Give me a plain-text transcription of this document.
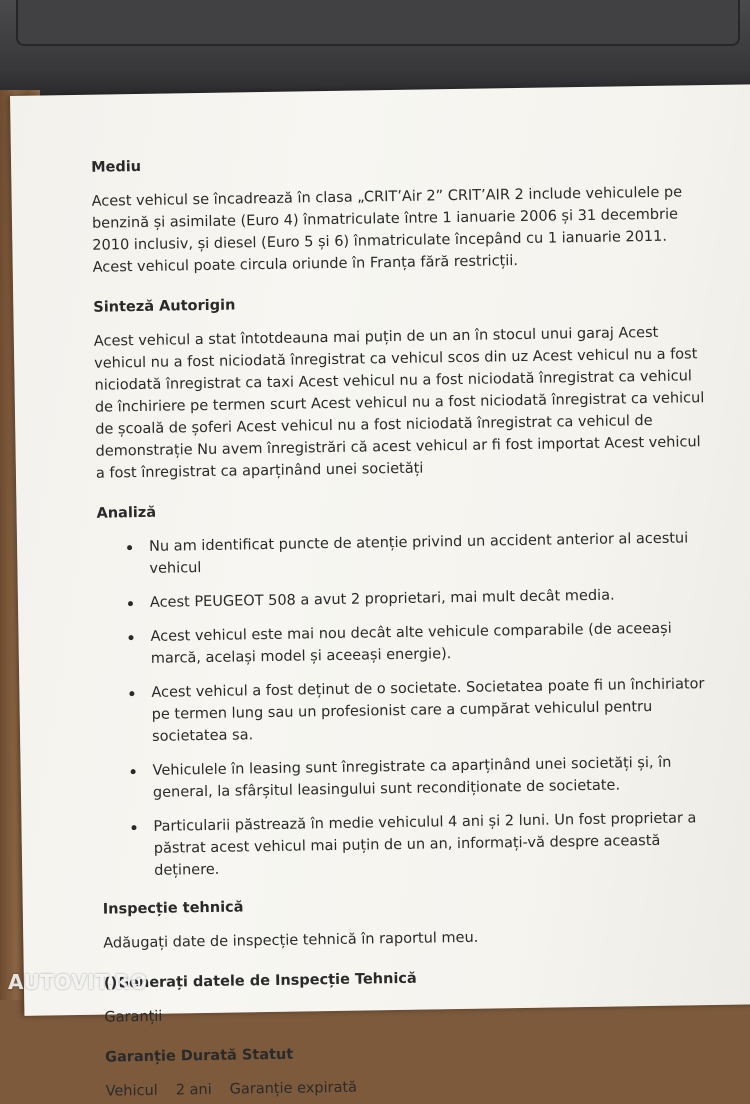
Mediu

Acest vehicul se încadrează în clasa „CRIT’Air 2” CRIT’AIR 2 include vehiculele pe benzină și asimilate (Euro 4) înmatriculate între 1 ianuarie 2006 și 31 decembrie 2010 inclusiv, și diesel (Euro 5 și 6) înmatriculate începând cu 1 ianuarie 2011. Acest vehicul poate circula oriunde în Franța fără restricții.

Sinteză Autorigin

Acest vehicul a stat întotdeauna mai puțin de un an în stocul unui garaj Acest vehicul nu a fost niciodată înregistrat ca vehicul scos din uz Acest vehicul nu a fost niciodată înregistrat ca taxi Acest vehicul nu a fost niciodată înregistrat ca vehicul de închiriere pe termen scurt Acest vehicul nu a fost niciodată înregistrat ca vehicul de școală de șoferi Acest vehicul nu a fost niciodată înregistrat ca vehicul de demonstrație Nu avem înregistrări că acest vehicul ar fi fost importat Acest vehicul a fost înregistrat ca aparținând unei societăți

Analiză
Nu am identificat puncte de atenție privind un accident anterior al acestui vehicul
Acest PEUGEOT 508 a avut 2 proprietari, mai mult decât media.
Acest vehicul este mai nou decât alte vehicule comparabile (de aceeași marcă, același model și aceeași energie).
Acest vehicul a fost deținut de o societate. Societatea poate fi un închiriator pe termen lung sau un profesionist care a cumpărat vehiculul pentru societatea sa.
Vehiculele în leasing sunt înregistrate ca aparținând unei societăți și, în general, la sfârșitul leasingului sunt recondiționate de societate.
Particularii păstrează în medie vehiculul 4 ani și 2 luni. Un fost proprietar a păstrat acest vehicul mai puțin de un an, informați-vă despre această deținere.
Inspecție tehnică

Adăugați date de inspecție tehnică în raportul meu.

()Generați datele de Inspecție Tehnică

Garanții

Garanție Durată Statut
Vehicul 2 ani Garanție expirată
AUTOVIT.RO
